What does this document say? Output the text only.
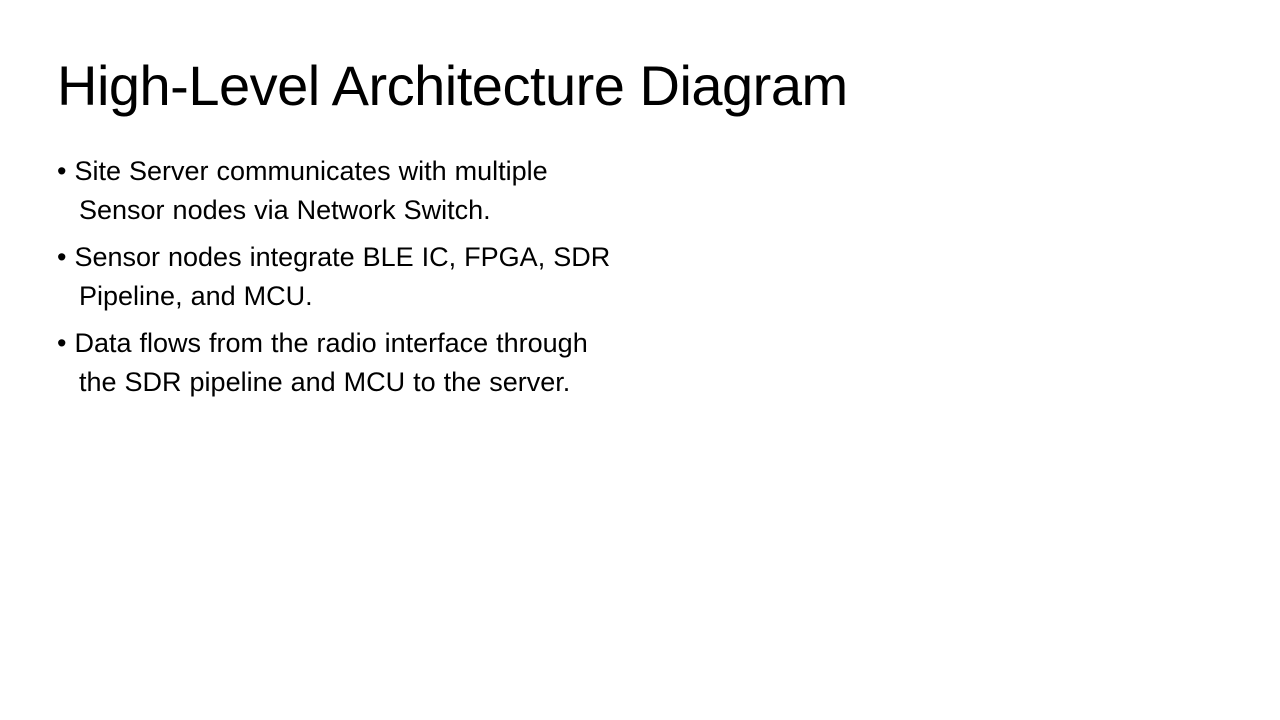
High-Level Architecture Diagram

• Site Server communicates with multiple Sensor nodes via Network Switch.

• Sensor nodes integrate BLE IC, FPGA, SDR Pipeline, and MCU.

• Data flows from the radio interface through the SDR pipeline and MCU to the server.
